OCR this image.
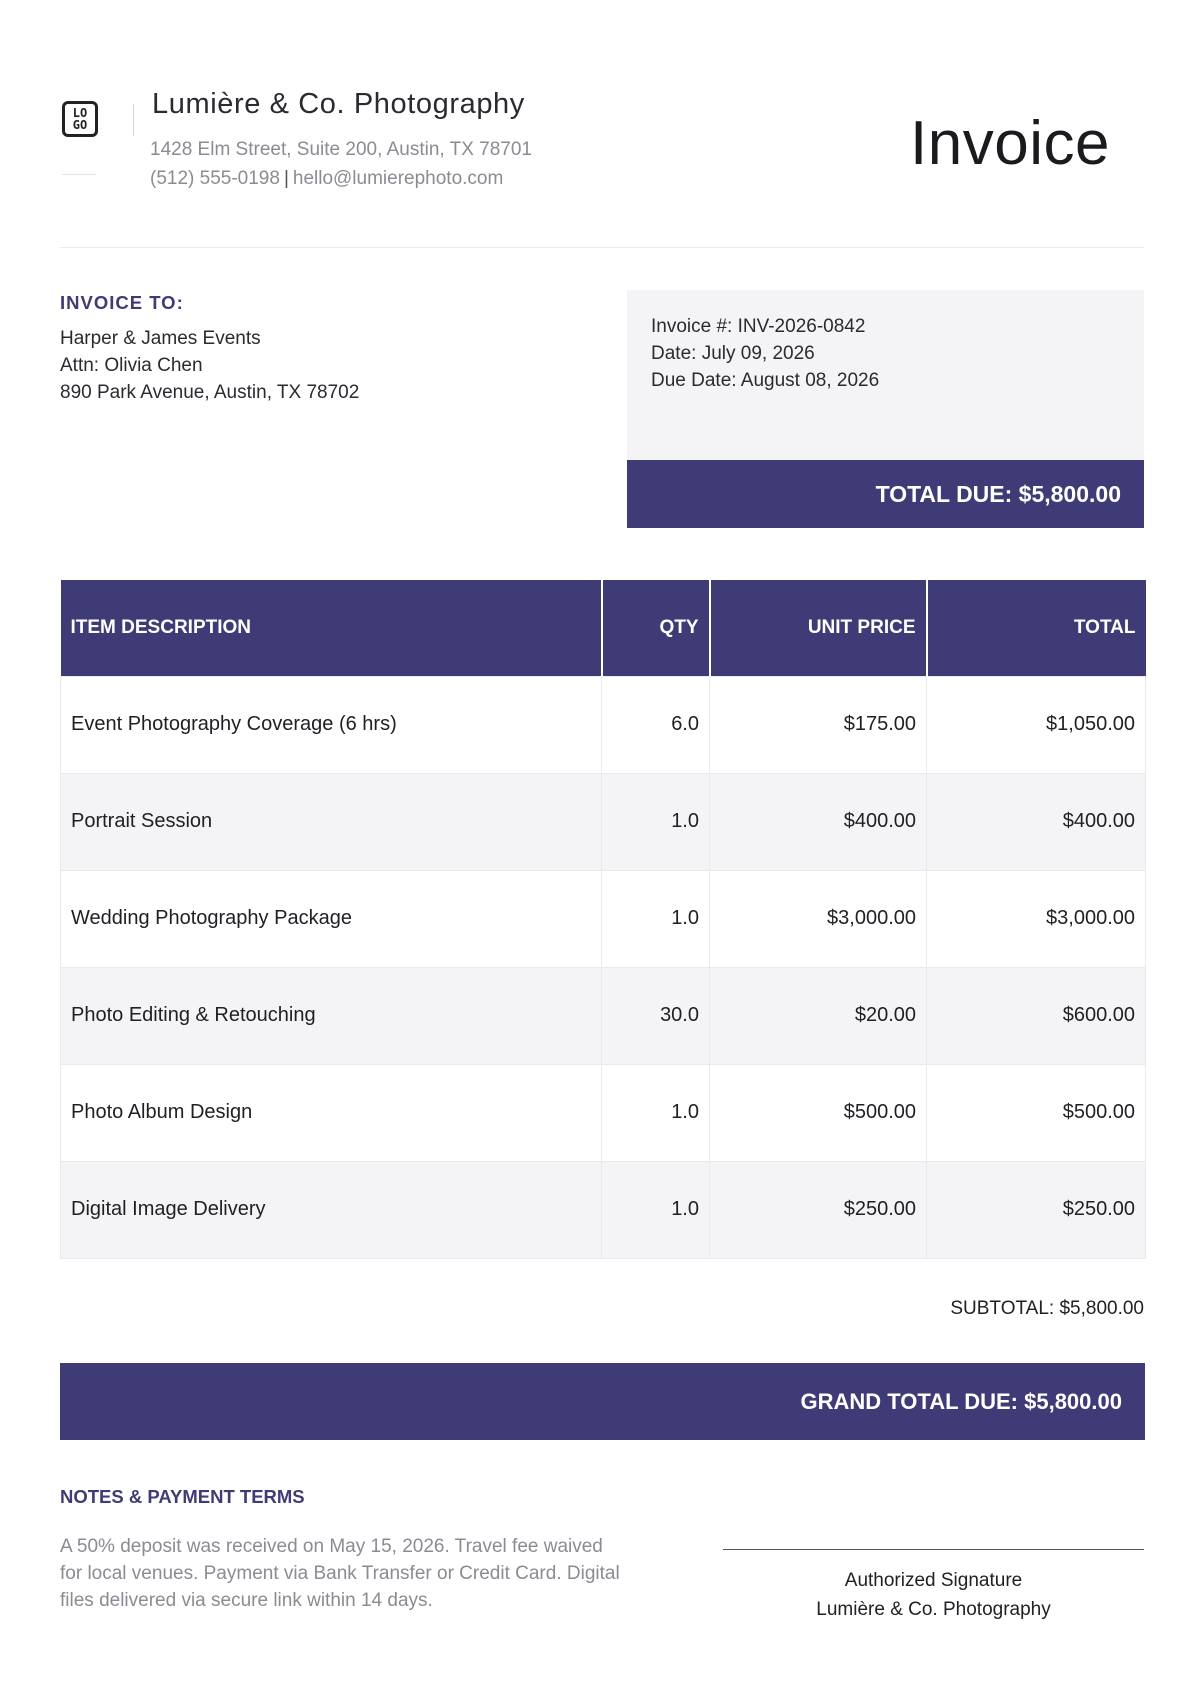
LO
GO
Lumière & Co. Photography
1428 Elm Street, Suite 200, Austin, TX 78701
(512) 555-0198 | hello@lumierephoto.com
Invoice
INVOICE TO:
Harper & James Events
Attn: Olivia Chen
890 Park Avenue, Austin, TX 78702
Invoice #: INV-2026-0842
Date: July 09, 2026
Due Date: August 08, 2026
TOTAL DUE: $5,800.00
ITEM DESCRIPTION	QTY	UNIT PRICE	TOTAL
Event Photography Coverage (6 hrs)	6.0	$175.00	$1,050.00
Portrait Session	1.0	$400.00	$400.00
Wedding Photography Package	1.0	$3,000.00	$3,000.00
Photo Editing & Retouching	30.0	$20.00	$600.00
Photo Album Design	1.0	$500.00	$500.00
Digital Image Delivery	1.0	$250.00	$250.00
SUBTOTAL: $5,800.00
GRAND TOTAL DUE: $5,800.00
NOTES & PAYMENT TERMS
A 50% deposit was received on May 15, 2026. Travel fee waived for local venues. Payment via Bank Transfer or Credit Card. Digital files delivered via secure link within 14 days.
Authorized Signature
Lumière & Co. Photography
